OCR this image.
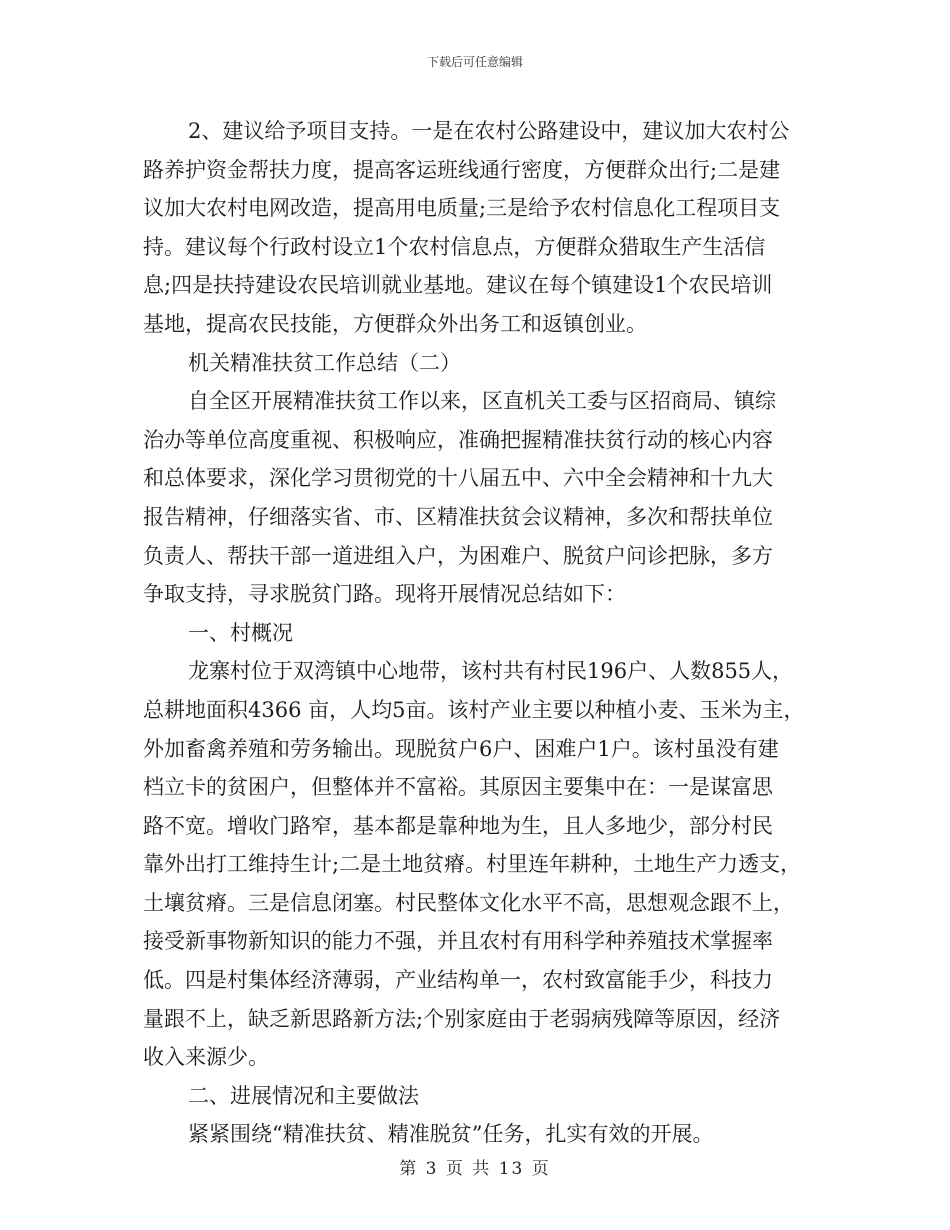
下载后可任意编辑
2、建议给予项目支持。一是在农村公路建设中，建议加大农村公
路养护资金帮扶力度，提高客运班线通行密度，方便群众出行;二是建
议加大农村电网改造，提高用电质量;三是给予农村信息化工程项目支
持。建议每个行政村设立1个农村信息点，方便群众猎取生产生活信
息;四是扶持建设农民培训就业基地。建议在每个镇建设1个农民培训
基地，提高农民技能，方便群众外出务工和返镇创业。
机关精准扶贫工作总结（二）
自全区开展精准扶贫工作以来，区直机关工委与区招商局、镇综
治办等单位高度重视、积极响应，准确把握精准扶贫行动的核心内容
和总体要求，深化学习贯彻党的十八届五中、六中全会精神和十九大
报告精神，仔细落实省、市、区精准扶贫会议精神，多次和帮扶单位
负责人、帮扶干部一道进组入户，为困难户、脱贫户问诊把脉，多方
争取支持，寻求脱贫门路。现将开展情况总结如下：
一、村概况
龙寨村位于双湾镇中心地带，该村共有村民196户、人数855人，
总耕地面积4366 亩，人均5亩。该村产业主要以种植小麦、玉米为主，
外加畜禽养殖和劳务输出。现脱贫户6户、困难户1户。该村虽没有建
档立卡的贫困户，但整体并不富裕。其原因主要集中在：一是谋富思
路不宽。增收门路窄，基本都是靠种地为生，且人多地少，部分村民
靠外出打工维持生计;二是土地贫瘠。村里连年耕种，土地生产力透支，
土壤贫瘠。三是信息闭塞。村民整体文化水平不高，思想观念跟不上，
接受新事物新知识的能力不强，并且农村有用科学种养殖技术掌握率
低。四是村集体经济薄弱，产业结构单一，农村致富能手少，科技力
量跟不上，缺乏新思路新方法;个别家庭由于老弱病残障等原因，经济
收入来源少。
二、进展情况和主要做法
紧紧围绕“精准扶贫、精准脱贫”任务，扎实有效的开展。
第 3 页 共 13 页
